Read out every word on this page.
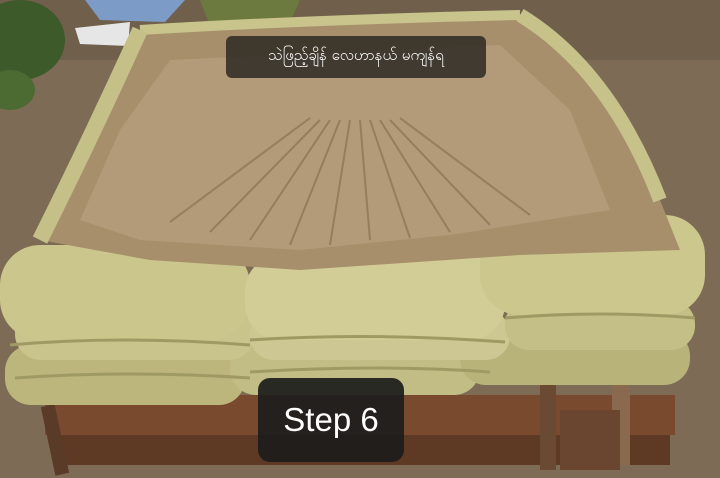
သဲဖြည့်ချိန် လေဟာနယ် မကျန်ရ
Step 6
